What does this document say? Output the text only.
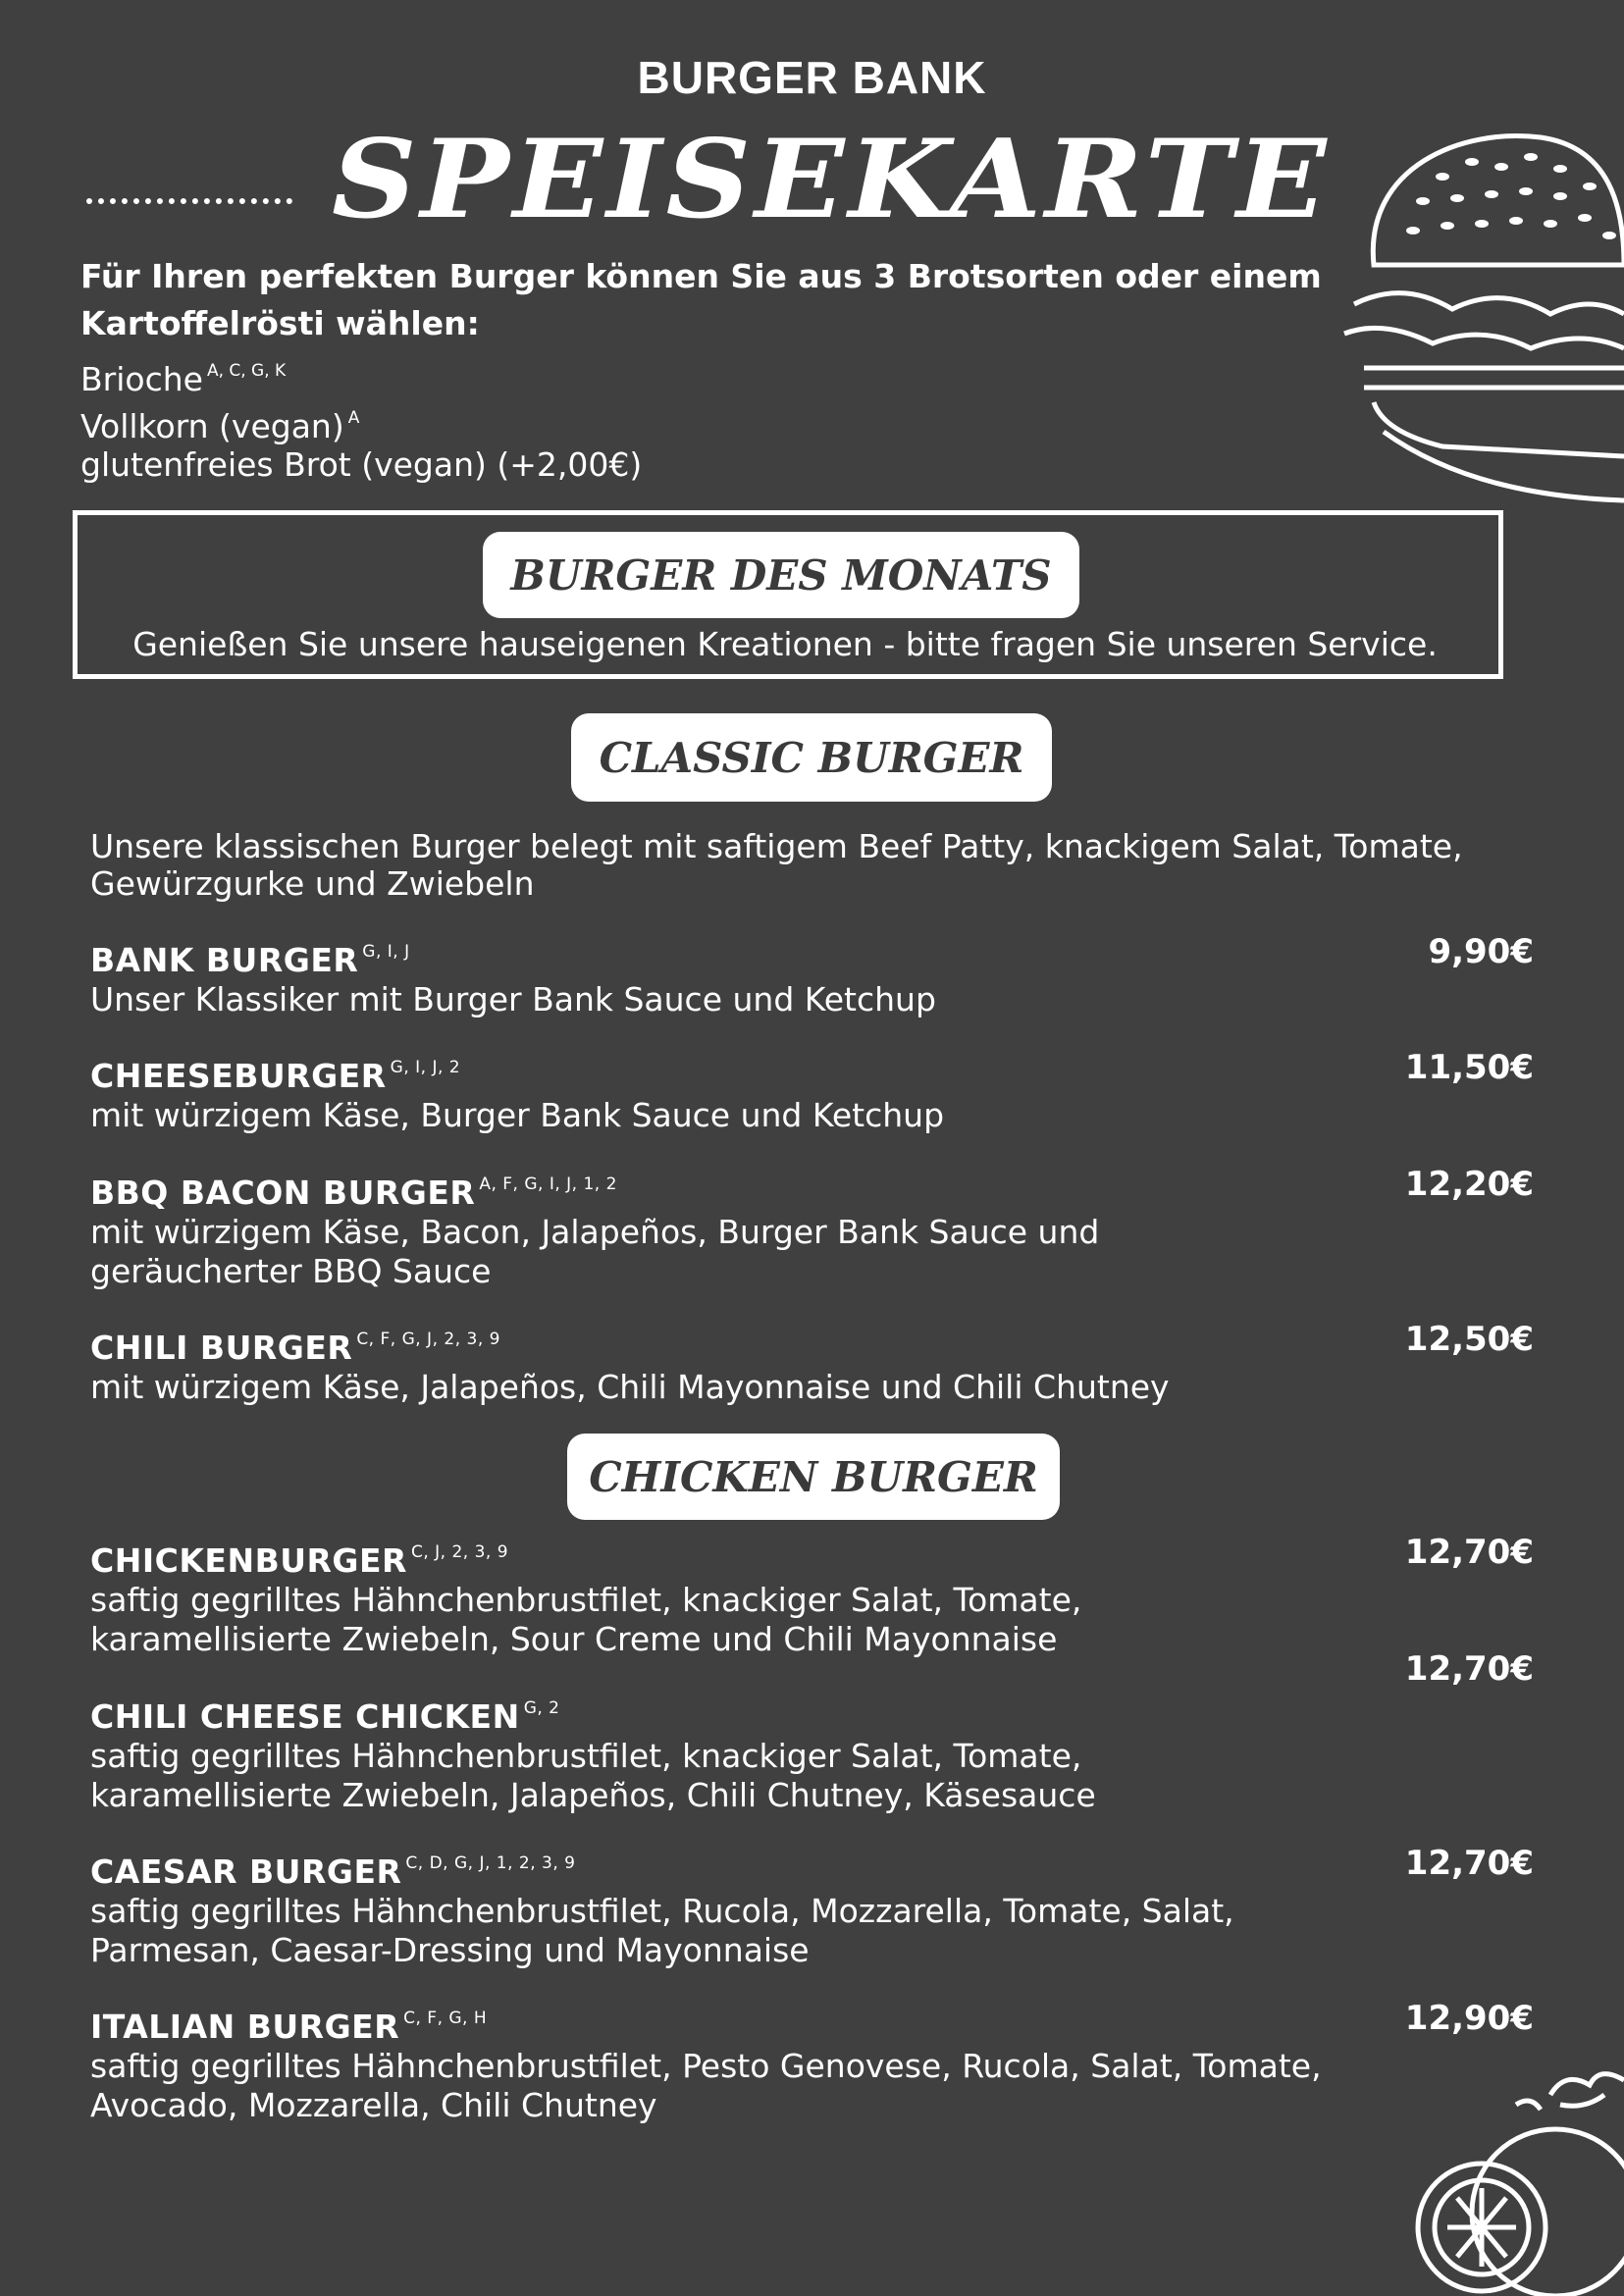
BURGER BANK
SPEISEKARTE
Für Ihren perfekten Burger können Sie aus 3 Brotsorten oder einem Kartoffelrösti wählen:
Brioche $^{A, C, G, K}$
Vollkorn (vegan) $^A$
glutenfreies Brot (vegan) (+2,00€)
BURGER DES MONATS
Genießen Sie unsere hauseigenen Kreationen - bitte fragen Sie unseren Service.
CLASSIC BURGER
Unsere klassischen Burger belegt mit saftigem Beef Patty, knackigem Salat, Tomate, Gewürzgurke und Zwiebeln
BANK BURGER $^{G, I, J}$
Unser Klassiker mit Burger Bank Sauce und Ketchup
9,90€
CHEESEBURGER $^{G, I, J, 2}$
mit würzigem Käse, Burger Bank Sauce und Ketchup
11,50€
BBQ BACON BURGER $^{A, F, G, I, J, 1, 2}$
mit würzigem Käse, Bacon, Jalapeños, Burger Bank Sauce und geräucherter BBQ Sauce
12,20€
CHILI BURGER $^{C, F, G, J, 2, 3, 9}$
mit würzigem Käse, Jalapeños, Chili Mayonnaise und Chili Chutney
12,50€
CHICKEN BURGER
CHICKENBURGER $^{C, J, 2, 3, 9}$
saftig gegrilltes Hähnchenbrustfilet, knackiger Salat, Tomate, karamellisierte Zwiebeln, Sour Creme und Chili Mayonnaise
12,70€
CHILI CHEESE CHICKEN $^{G, 2}$
saftig gegrilltes Hähnchenbrustfilet, knackiger Salat, Tomate, karamellisierte Zwiebeln, Jalapeños, Chili Chutney, Käsesauce
12,70€
CAESAR BURGER $^{C, D, G, J, 1, 2, 3, 9}$
saftig gegrilltes Hähnchenbrustfilet, Rucola, Mozzarella, Tomate, Salat, Parmesan, Caesar-Dressing und Mayonnaise
12,70€
ITALIAN BURGER $^{C, F, G, H}$
saftig gegrilltes Hähnchenbrustfilet, Pesto Genovese, Rucola, Salat, Tomate, Avocado, Mozzarella, Chili Chutney
12,90€
